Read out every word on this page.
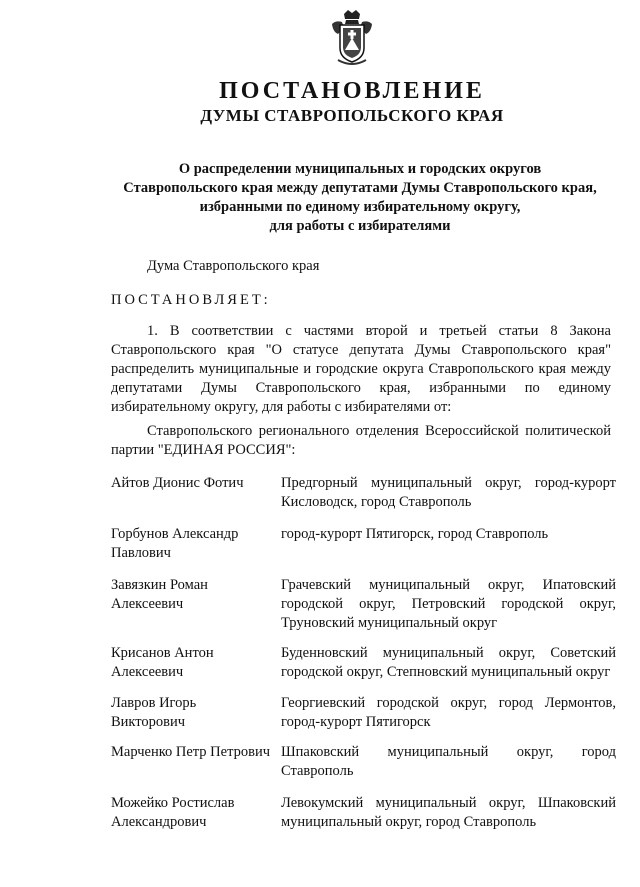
ПОСТАНОВЛЕНИЕ
ДУМЫ СТАВРОПОЛЬСКОГО КРАЯ
О распределении муниципальных и городских округов
Ставропольского края между депутатами Думы Ставропольского края,
избранными по единому избирательному округу,
для работы с избирателями
Дума Ставропольского края
ПОСТАНОВЛЯЕТ:
1. В соответствии с частями второй и третьей статьи 8 Закона Ставропольского края "О статусе депутата Думы Ставропольского края" распределить муниципальные и городские округа Ставропольского края между депутатами Думы Ставропольского края, избранными по единому избирательному округу, для работы с избирателями от:
Ставропольского регионального отделения Всероссийской политической партии "ЕДИНАЯ РОССИЯ":
Айтов Дионис Фотич	Предгорный муниципальный округ, город-курорт Кисловодск, город Ставрополь
Горбунов Александр Павлович
город-курорт Пятигорск, город Ставрополь
Завязкин Роман Алексеевич
Грачевский муниципальный округ, Ипатовский городской округ, Петровский городской округ, Труновский муниципальный округ
Крисанов Антон Алексеевич
Буденновский муниципальный округ, Советский городской округ, Степновский муниципальный округ
Лавров Игорь Викторович
Георгиевский городской округ, город Лермонтов, город-курорт Пятигорск
Марченко Петр Петрович Шпаковский муниципальный округ, город Ставрополь
Можейко Ростислав Александрович
Левокумский муниципальный округ, Шпаковский муниципальный округ, город Ставрополь
